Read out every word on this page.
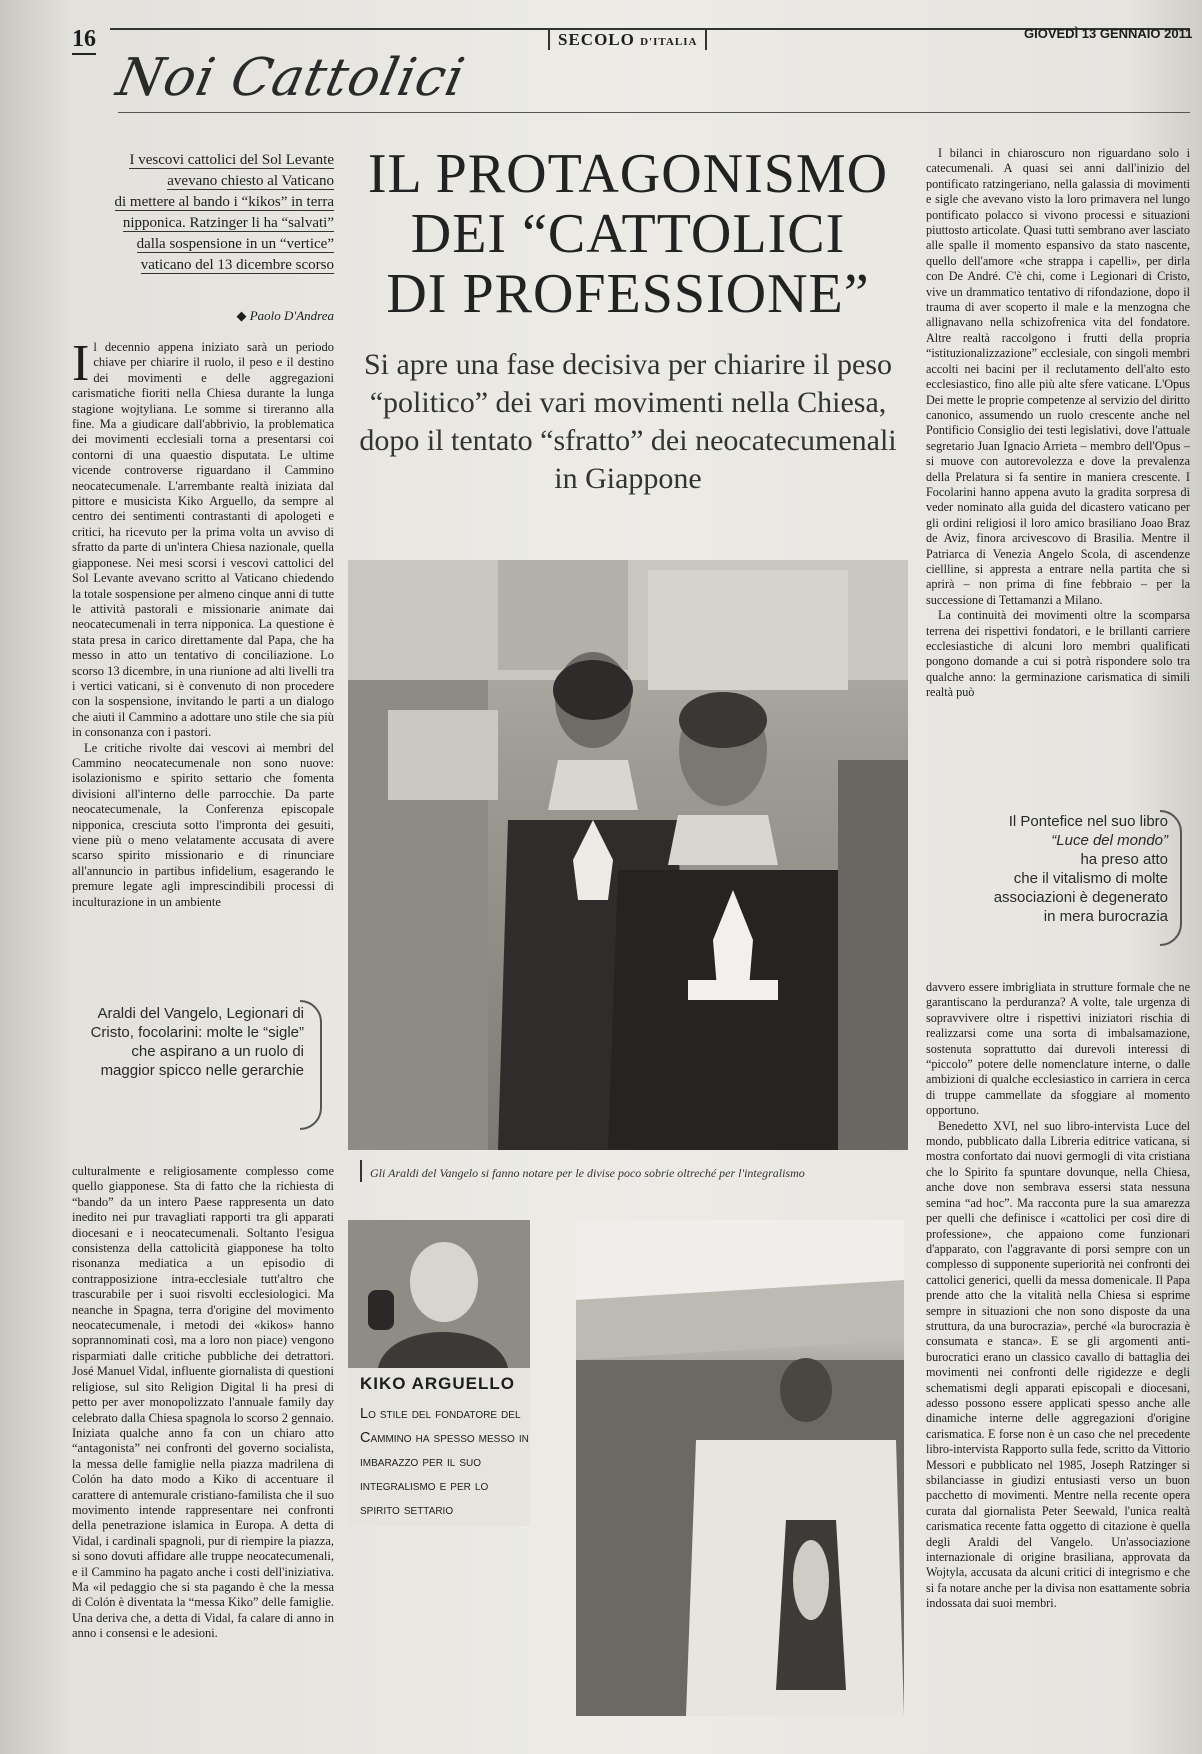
16
Noi Cattolici
SECOLO D'ITALIA
GIOVEDÌ 13 GENNAIO 2011
I vescovi cattolici del Sol Levante
avevano chiesto al Vaticano
di mettere al bando i “kikos” in terra
nipponica. Ratzinger li ha “salvati”
dalla sospensione in un “vertice”
vaticano del 13 dicembre scorso
◆ Paolo D'Andrea
IL PROTAGONISMO
DEI “CATTOLICI
DI PROFESSIONE”
Si apre una fase decisiva per chiarire il peso “politico” dei vari movimenti nella Chiesa, dopo il tentato “sfratto” dei neocatecumenali in Giappone

Il decennio appena iniziato sarà un periodo chiave per chiarire il ruolo, il peso e il destino dei movimenti e delle aggregazioni carismatiche fioriti nella Chiesa durante la lunga stagione wojtyliana. Le somme si tireranno alla fine. Ma a giudicare dall'abbrivio, la problematica dei movimenti ecclesiali torna a presentarsi coi contorni di una quaestio disputata. Le ultime vicende controverse riguardano il Cammino neocatecumenale. L'arrembante realtà iniziata dal pittore e musicista Kiko Arguello, da sempre al centro dei sentimenti contrastanti di apologeti e critici, ha ricevuto per la prima volta un avviso di sfratto da parte di un'intera Chiesa nazionale, quella giapponese. Nei mesi scorsi i vescovi cattolici del Sol Levante avevano scritto al Vaticano chiedendo la totale sospensione per almeno cinque anni di tutte le attività pastorali e missionarie animate dai neocatecumenali in terra nipponica. La questione è stata presa in carico direttamente dal Papa, che ha messo in atto un tentativo di conciliazione. Lo scorso 13 dicembre, in una riunione ad alti livelli tra i vertici vaticani, si è convenuto di non procedere con la sospensione, invitando le parti a un dialogo che aiuti il Cammino a adottare uno stile che sia più in consonanza con i pastori.

Le critiche rivolte dai vescovi ai membri del Cammino neocatecumenale non sono nuove: isolazionismo e spirito settario che fomenta divisioni all'interno delle parrocchie. Da parte neocatecumenale, la Conferenza episcopale nipponica, cresciuta sotto l'impronta dei gesuiti, viene più o meno velatamente accusata di avere scarso spirito missionario e di rinunciare all'annuncio in partibus infidelium, esagerando le premure legate agli imprescindibili processi di inculturazione in un ambiente

Araldi del Vangelo, Legionari di Cristo, focolarini: molte le “sigle” che aspirano a un ruolo di maggior spicco nelle gerarchie

culturalmente e religiosamente complesso come quello giapponese. Sta di fatto che la richiesta di “bando” da un intero Paese rappresenta un dato inedito nei pur travagliati rapporti tra gli apparati diocesani e i neocatecumenali. Soltanto l'esigua consistenza della cattolicità giapponese ha tolto risonanza mediatica a un episodio di contrapposizione intra-ecclesiale tutt'altro che trascurabile per i suoi risvolti ecclesiologici. Ma neanche in Spagna, terra d'origine del movimento neocatecumenale, i metodi dei «kikos» hanno soprannominati così, ma a loro non piace) vengono risparmiati dalle critiche pubbliche dei detrattori. José Manuel Vidal, influente giornalista di questioni religiose, sul sito Religion Digital li ha presi di petto per aver monopolizzato l'annuale family day celebrato dalla Chiesa spagnola lo scorso 2 gennaio. Iniziata qualche anno fa con un chiaro atto “antagonista” nei confronti del governo socialista, la messa delle famiglie nella piazza madrilena di Colón ha dato modo a Kiko di accentuare il carattere di antemurale cristiano-familista che il suo movimento intende rappresentare nei confronti della penetrazione islamica in Europa. A detta di Vidal, i cardinali spagnoli, pur di riempire la piazza, si sono dovuti affidare alle truppe neocatecumenali, e il Cammino ha pagato anche i costi dell'iniziativa. Ma «il pedaggio che si sta pagando è che la messa di Colón è diventata la “messa Kiko” delle famiglie. Una deriva che, a detta di Vidal, fa calare di anno in anno i consensi e le adesioni.

Gli Araldi del Vangelo si fanno notare per le divise poco sobrie oltreché per l'integralismo
KIKO ARGUELLO
Lo stile del fondatore del Cammino ha spesso messo in imbarazzo per il suo integralismo e per lo spirito settario

I bilanci in chiaroscuro non riguardano solo i catecumenali. A quasi sei anni dall'inizio del pontificato ratzingeriano, nella galassia di movimenti e sigle che avevano visto la loro primavera nel lungo pontificato polacco si vivono processi e situazioni piuttosto articolate. Quasi tutti sembrano aver lasciato alle spalle il momento espansivo da stato nascente, quello dell'amore «che strappa i capelli», per dirla con De André. C'è chi, come i Legionari di Cristo, vive un drammatico tentativo di rifondazione, dopo il trauma di aver scoperto il male e la menzogna che allignavano nella schizofrenica vita del fondatore. Altre realtà raccolgono i frutti della propria “istituzionalizzazione” ecclesiale, con singoli membri accolti nei bacini per il reclutamento dell'alto esto ecclesiastico, fino alle più alte sfere vaticane. L'Opus Dei mette le proprie competenze al servizio del diritto canonico, assumendo un ruolo crescente anche nel Pontificio Consiglio dei testi legislativi, dove l'attuale segretario Juan Ignacio Arrieta – membro dell'Opus – si muove con autorevolezza e dove la prevalenza della Prelatura si fa sentire in maniera crescente. I Focolarini hanno appena avuto la gradita sorpresa di veder nominato alla guida del dicastero vaticano per gli ordini religiosi il loro amico brasiliano Joao Braz de Aviz, finora arcivescovo di Brasilia. Mentre il Patriarca di Venezia Angelo Scola, di ascendenze ciellline, si appresta a entrare nella partita che si aprirà – non prima di fine febbraio – per la successione di Tettamanzi a Milano.

La continuità dei movimenti oltre la scomparsa terrena dei rispettivi fondatori, e le brillanti carriere ecclesiastiche di alcuni loro membri qualificati pongono domande a cui si potrà rispondere solo tra qualche anno: la germinazione carismatica di simili realtà può

Il Pontefice nel suo libro
“Luce del mondo”
ha preso atto
che il vitalismo di molte
associazioni è degenerato
in mera burocrazia

davvero essere imbrigliata in strutture formale che ne garantiscano la perduranza? A volte, tale urgenza di sopravvivere oltre i rispettivi iniziatori rischia di realizzarsi come una sorta di imbalsamazione, sostenuta soprattutto dai durevoli interessi di “piccolo” potere delle nomenclature interne, o dalle ambizioni di qualche ecclesiastico in carriera in cerca di truppe cammellate da sfoggiare al momento opportuno.

Benedetto XVI, nel suo libro-intervista Luce del mondo, pubblicato dalla Libreria editrice vaticana, si mostra confortato dai nuovi germogli di vita cristiana che lo Spirito fa spuntare dovunque, nella Chiesa, anche dove non sembrava essersi stata nessuna semina “ad hoc”. Ma racconta pure la sua amarezza per quelli che definisce i «cattolici per così dire di professione», che appaiono come funzionari d'apparato, con l'aggravante di porsi sempre con un complesso di supponente superiorità nei confronti dei cattolici generici, quelli da messa domenicale. Il Papa prende atto che la vitalità nella Chiesa si esprime sempre in situazioni che non sono disposte da una struttura, da una burocrazia», perché «la burocrazia è consumata e stanca». E se gli argomenti anti-burocratici erano un classico cavallo di battaglia dei movimenti nei confronti delle rigidezze e degli schematismi degli apparati episcopali e diocesani, adesso possono essere applicati spesso anche alle dinamiche interne delle aggregazioni d'origine carismatica. E forse non è un caso che nel precedente libro-intervista Rapporto sulla fede, scritto da Vittorio Messori e pubblicato nel 1985, Joseph Ratzinger si sbilanciasse in giudizi entusiasti verso un buon pacchetto di movimenti. Mentre nella recente opera curata dal giornalista Peter Seewald, l'unica realtà carismatica recente fatta oggetto di citazione è quella degli Araldi del Vangelo. Un'associazione internazionale di origine brasiliana, approvata da Wojtyla, accusata da alcuni critici di integrismo e che si fa notare anche per la divisa non esattamente sobria indossata dai suoi membri.
